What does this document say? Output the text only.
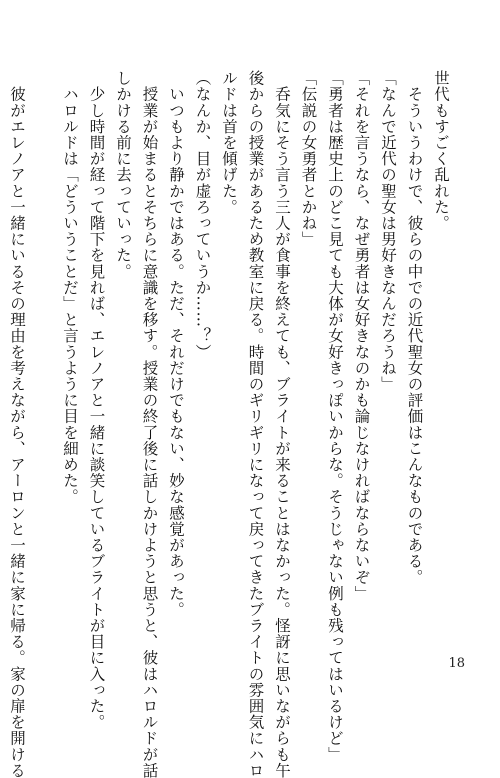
世代もすごく乱れた。
　そういうわけで、彼らの中での近代聖女の評価はこんなものである。
「なんで近代の聖女は男好きなんだろうね」
「それを言うなら、なぜ勇者は女好きなのかも論じなければならないぞ」
「勇者は歴史上のどこ見ても大体が女好きっぽいからな。そうじゃない例も残ってはいるけど」
「伝説の女勇者とかね」
　呑気にそう言う三人が食事を終えても、ブライトが来ることはなかった。怪訝に思いながらも午
後からの授業があるため教室に戻る。時間のギリギリになって戻ってきたブライトの雰囲気にハロ
ルドは首を傾げた。
（なんか、目が虚ろっていうか……？）
　いつもより静かではある。ただ、それだけでもない、妙な感覚があった。
　授業が始まるとそちらに意識を移す。授業の終了後に話しかけようと思うと、彼はハロルドが話
しかける前に去っていった。
　少し時間が経って階下を見れば、エレノアと一緒に談笑しているブライトが目に入った。
　ハロルドは「どういうことだ」と言うように目を細めた。
　彼がエレノアと一緒にいるその理由を考えながら、アーロンと一緒に家に帰る。家の扉を開ける	18
